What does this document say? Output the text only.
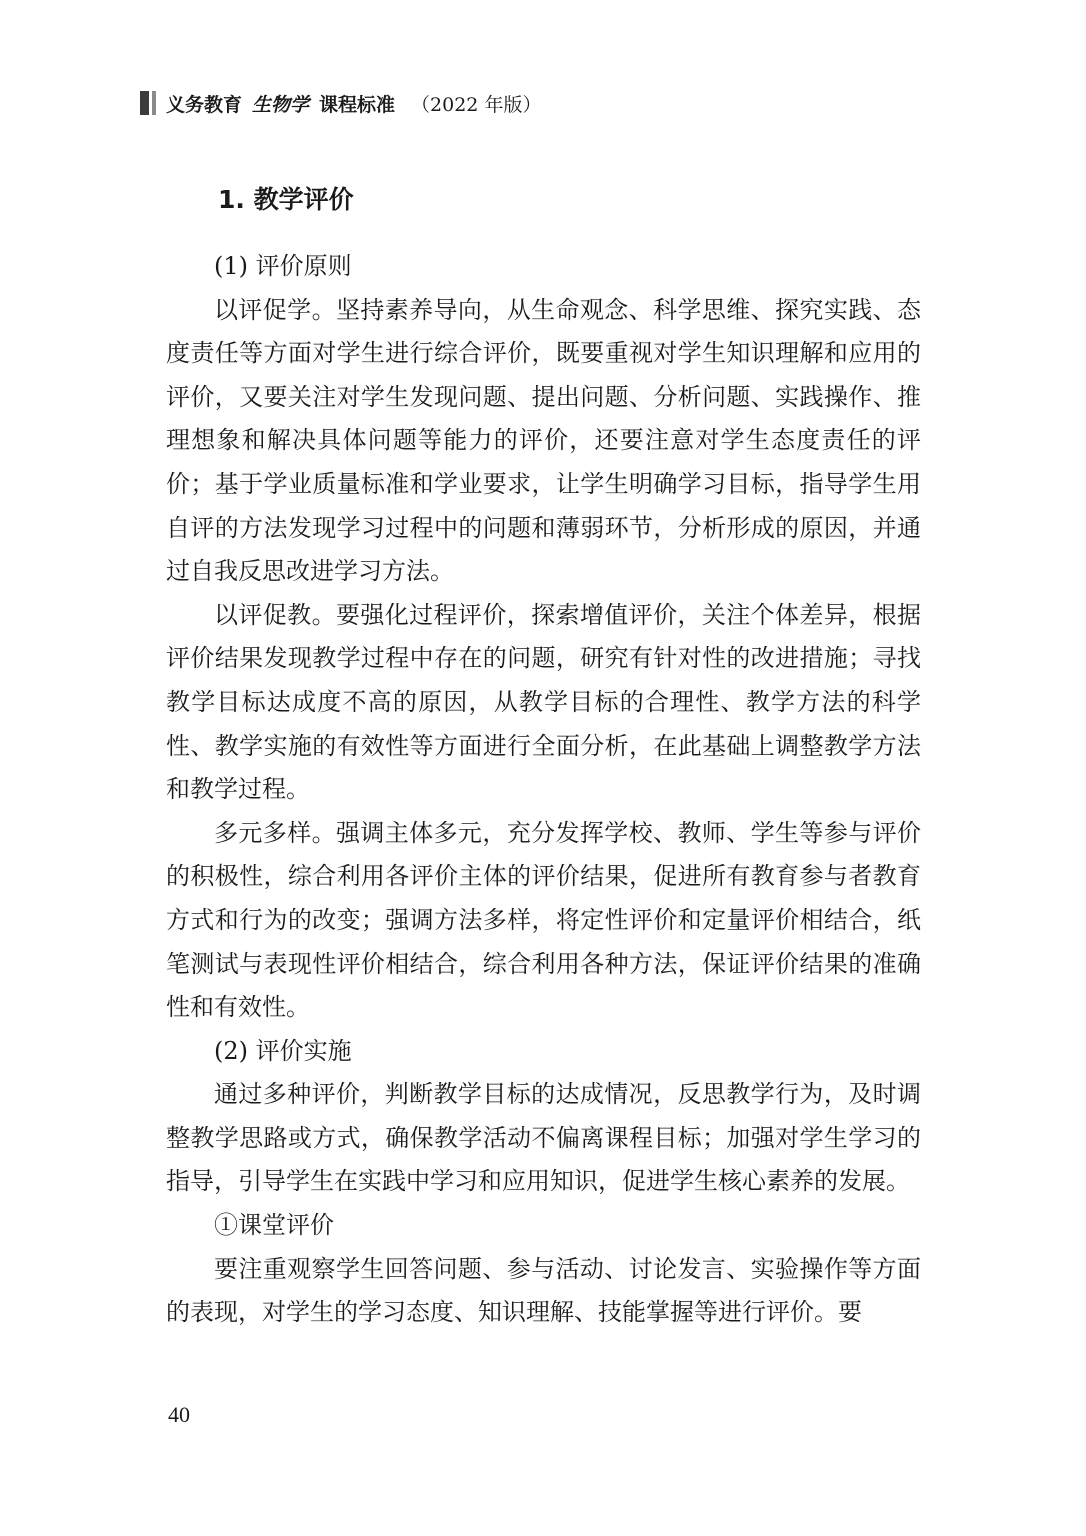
义务教育 生物学 课程标准 （2022 年版）
1. 教学评价

(1) 评价原则

以评促学。坚持素养导向，从生命观念、科学思维、探究实践、态度责任等方面对学生进行综合评价，既要重视对学生知识理解和应用的评价，又要关注对学生发现问题、提出问题、分析问题、实践操作、推理想象和解决具体问题等能力的评价，还要注意对学生态度责任的评价；基于学业质量标准和学业要求，让学生明确学习目标，指导学生用自评的方法发现学习过程中的问题和薄弱环节，分析形成的原因，并通过自我反思改进学习方法。

以评促教。要强化过程评价，探索增值评价，关注个体差异，根据评价结果发现教学过程中存在的问题，研究有针对性的改进措施；寻找教学目标达成度不高的原因，从教学目标的合理性、教学方法的科学性、教学实施的有效性等方面进行全面分析，在此基础上调整教学方法和教学过程。

多元多样。强调主体多元，充分发挥学校、教师、学生等参与评价的积极性，综合利用各评价主体的评价结果，促进所有教育参与者教育方式和行为的改变；强调方法多样，将定性评价和定量评价相结合，纸笔测试与表现性评价相结合，综合利用各种方法，保证评价结果的准确性和有效性。

(2) 评价实施

通过多种评价，判断教学目标的达成情况，反思教学行为，及时调整教学思路或方式，确保教学活动不偏离课程目标；加强对学生学习的指导，引导学生在实践中学习和应用知识，促进学生核心素养的发展。

①课堂评价

要注重观察学生回答问题、参与活动、讨论发言、实验操作等方面的表现，对学生的学习态度、知识理解、技能掌握等进行评价。要

40
